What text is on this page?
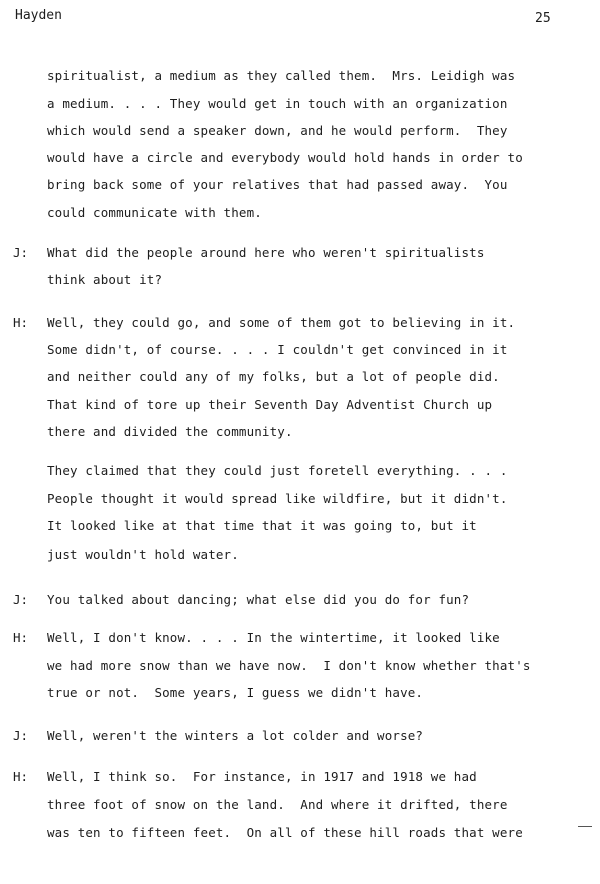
Hayden	25
spiritualist, a medium as they called them.  Mrs. Leidigh was
a medium. . . . They would get in touch with an organization
which would send a speaker down, and he would perform.  They
would have a circle and everybody would hold hands in order to
bring back some of your relatives that had passed away.  You
could communicate with them.
J: What did the people around here who weren't spiritualists
think about it?
H: Well, they could go, and some of them got to believing in it.
Some didn't, of course. . . . I couldn't get convinced in it
and neither could any of my folks, but a lot of people did.
That kind of tore up their Seventh Day Adventist Church up
there and divided the community.
They claimed that they could just foretell everything. . . .
People thought it would spread like wildfire, but it didn't.
It looked like at that time that it was going to, but it
just wouldn't hold water.
J: You talked about dancing; what else did you do for fun?
H: Well, I don't know. . . . In the wintertime, it looked like
we had more snow than we have now.  I don't know whether that's
true or not.  Some years, I guess we didn't have.
J: Well, weren't the winters a lot colder and worse?
H: Well, I think so.  For instance, in 1917 and 1918 we had
three foot of snow on the land.  And where it drifted, there
was ten to fifteen feet.  On all of these hill roads that were
